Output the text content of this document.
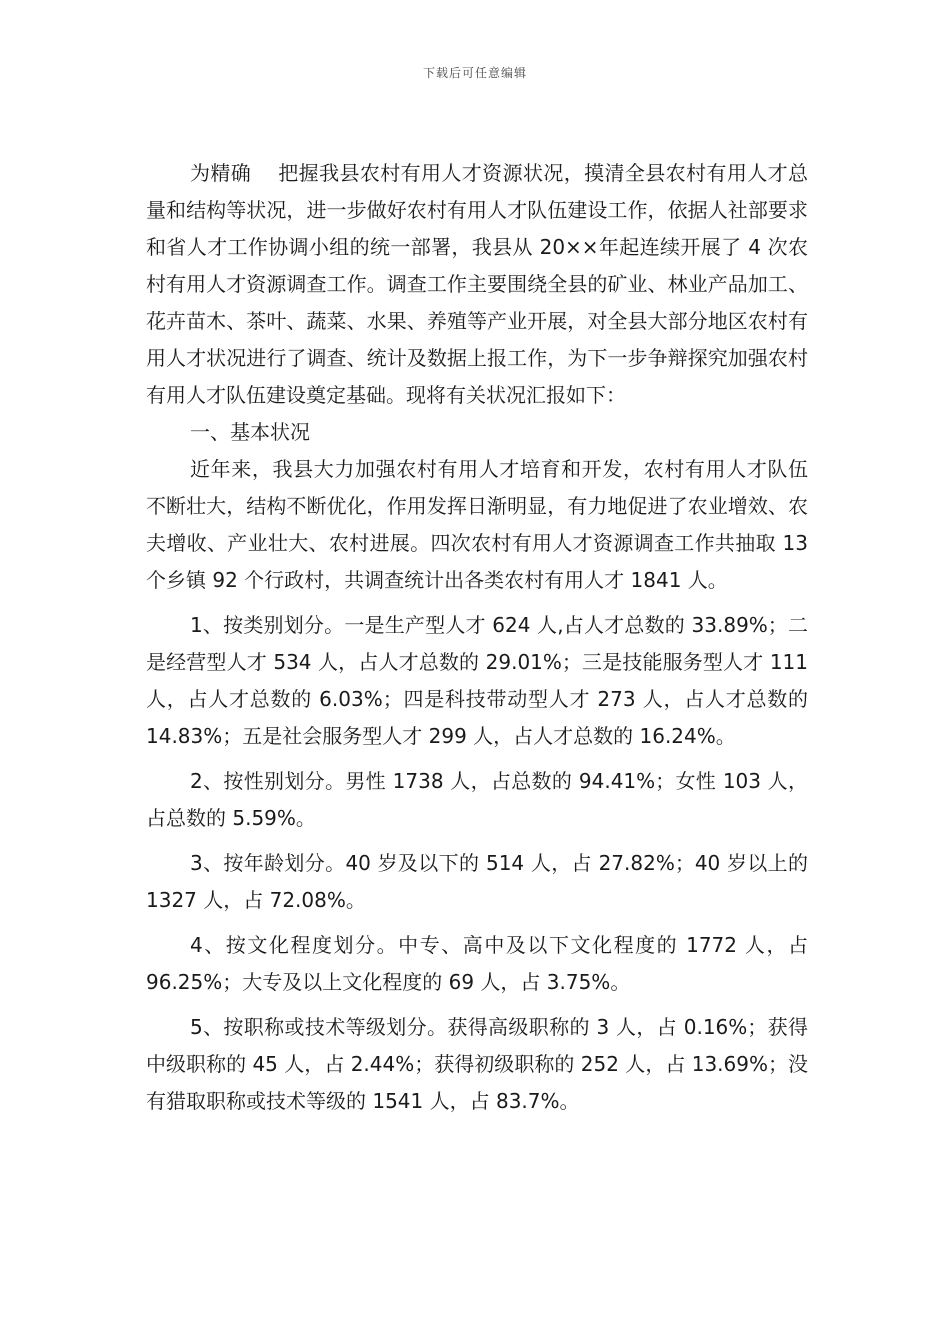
下载后可任意编辑

为精确　 把握我县农村有用人才资源状况，摸清全县农村有用人才总量和结构等状况，进一步做好农村有用人才队伍建设工作，依据人社部要求和省人才工作协调小组的统一部署，我县从 20××年起连续开展了 4 次农村有用人才资源调查工作。调查工作主要围绕全县的矿业、林业产品加工、花卉苗木、茶叶、蔬菜、水果、养殖等产业开展，对全县大部分地区农村有用人才状况进行了调查、统计及数据上报工作，为下一步争辩探究加强农村有用人才队伍建设奠定基础。现将有关状况汇报如下：

一、基本状况

近年来，我县大力加强农村有用人才培育和开发，农村有用人才队伍不断壮大，结构不断优化，作用发挥日渐明显，有力地促进了农业增效、农夫增收、产业壮大、农村进展。四次农村有用人才资源调查工作共抽取 13 个乡镇 92 个行政村，共调查统计出各类农村有用人才 1841 人。

1、按类别划分。一是生产型人才 624 人,占人才总数的 33.89%；二是经营型人才 534 人，占人才总数的 29.01%；三是技能服务型人才 111 人，占人才总数的 6.03%；四是科技带动型人才 273 人，占人才总数的 14.83%；五是社会服务型人才 299 人，占人才总数的 16.24%。

2、按性别划分。男性 1738 人，占总数的 94.41%；女性 103 人，占总数的 5.59%。

3、按年龄划分。40 岁及以下的 514 人，占 27.82%；40 岁以上的 1327 人，占 72.08%。

4、按文化程度划分。中专、高中及以下文化程度的 1772 人，占 96.25%；大专及以上文化程度的 69 人，占 3.75%。

5、按职称或技术等级划分。获得高级职称的 3 人，占 0.16%；获得中级职称的 45 人，占 2.44%；获得初级职称的 252 人，占 13.69%；没有猎取职称或技术等级的 1541 人，占 83.7%。
